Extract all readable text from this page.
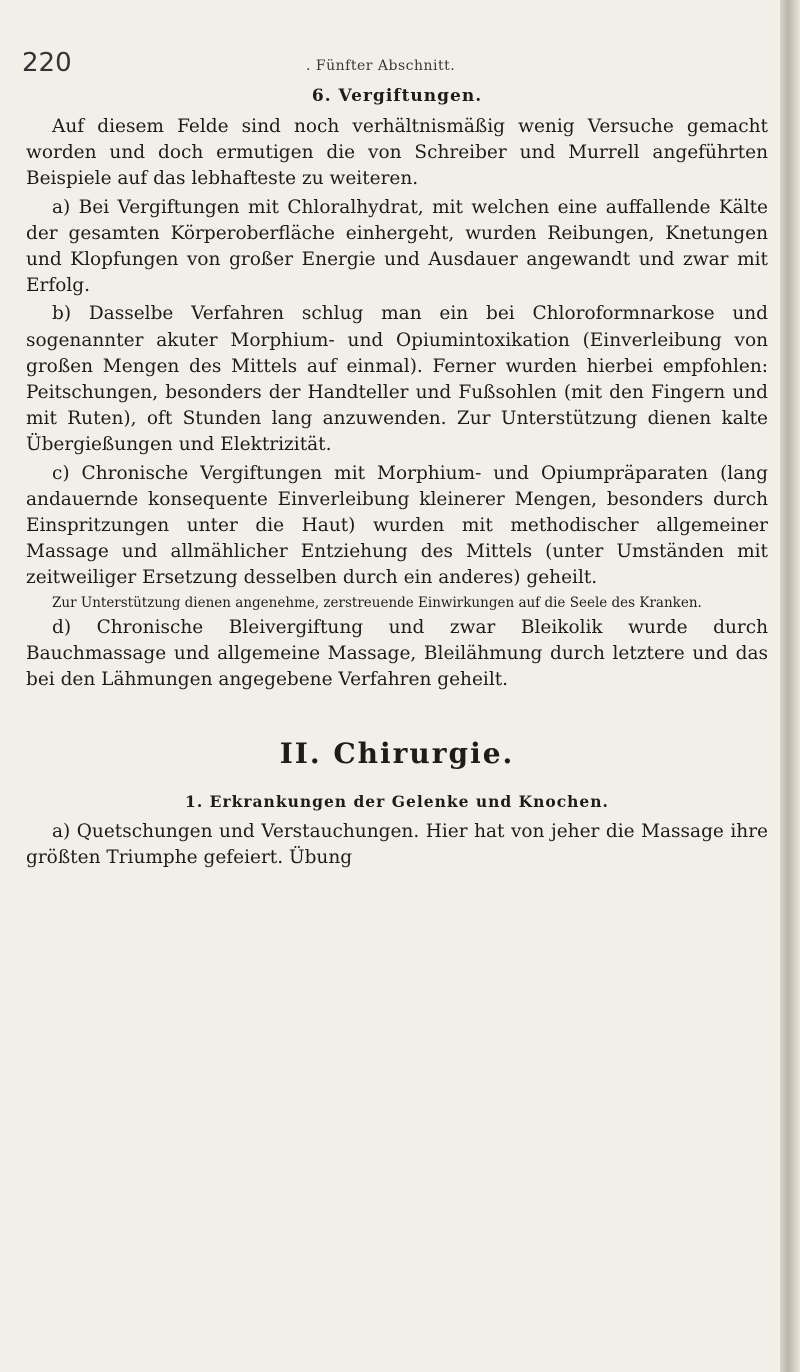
220	. Fünfter Abschnitt.
6. Vergiftungen.

Auf diesem Felde sind noch verhältnismäßig wenig Versuche gemacht worden und doch ermutigen die von Schreiber und Murrell angeführten Beispiele auf das lebhafteste zu weiteren.

a) Bei Vergiftungen mit Chloralhydrat, mit welchen eine auffallende Kälte der gesamten Körperoberfläche einhergeht, wurden Reibungen, Knetungen und Klopfungen von großer Energie und Ausdauer angewandt und zwar mit Erfolg.

b) Dasselbe Verfahren schlug man ein bei Chloroformnarkose und sogenannter akuter Morphium- und Opiumintoxikation (Einverleibung von großen Mengen des Mittels auf einmal). Ferner wurden hierbei empfohlen: Peitschungen, besonders der Handteller und Fußsohlen (mit den Fingern und mit Ruten), oft Stunden lang anzuwenden. Zur Unterstützung dienen kalte Übergießungen und Elektrizität.

c) Chronische Vergiftungen mit Morphium- und Opiumpräparaten (lang andauernde konsequente Einverleibung kleinerer Mengen, besonders durch Einspritzungen unter die Haut) wurden mit methodischer allgemeiner Massage und allmählicher Entziehung des Mittels (unter Umständen mit zeitweiliger Ersetzung desselben durch ein anderes) geheilt.

Zur Unterstützung dienen angenehme, zerstreuende Einwirkungen auf die Seele des Kranken.

d) Chronische Bleivergiftung und zwar Bleikolik wurde durch Bauchmassage und allgemeine Massage, Bleilähmung durch letztere und das bei den Lähmungen angegebene Verfahren geheilt.

II. Chirurgie.
1. Erkrankungen der Gelenke und Knochen.

a) Quetschungen und Verstauchungen. Hier hat von jeher die Massage ihre größten Triumphe gefeiert. Übung
